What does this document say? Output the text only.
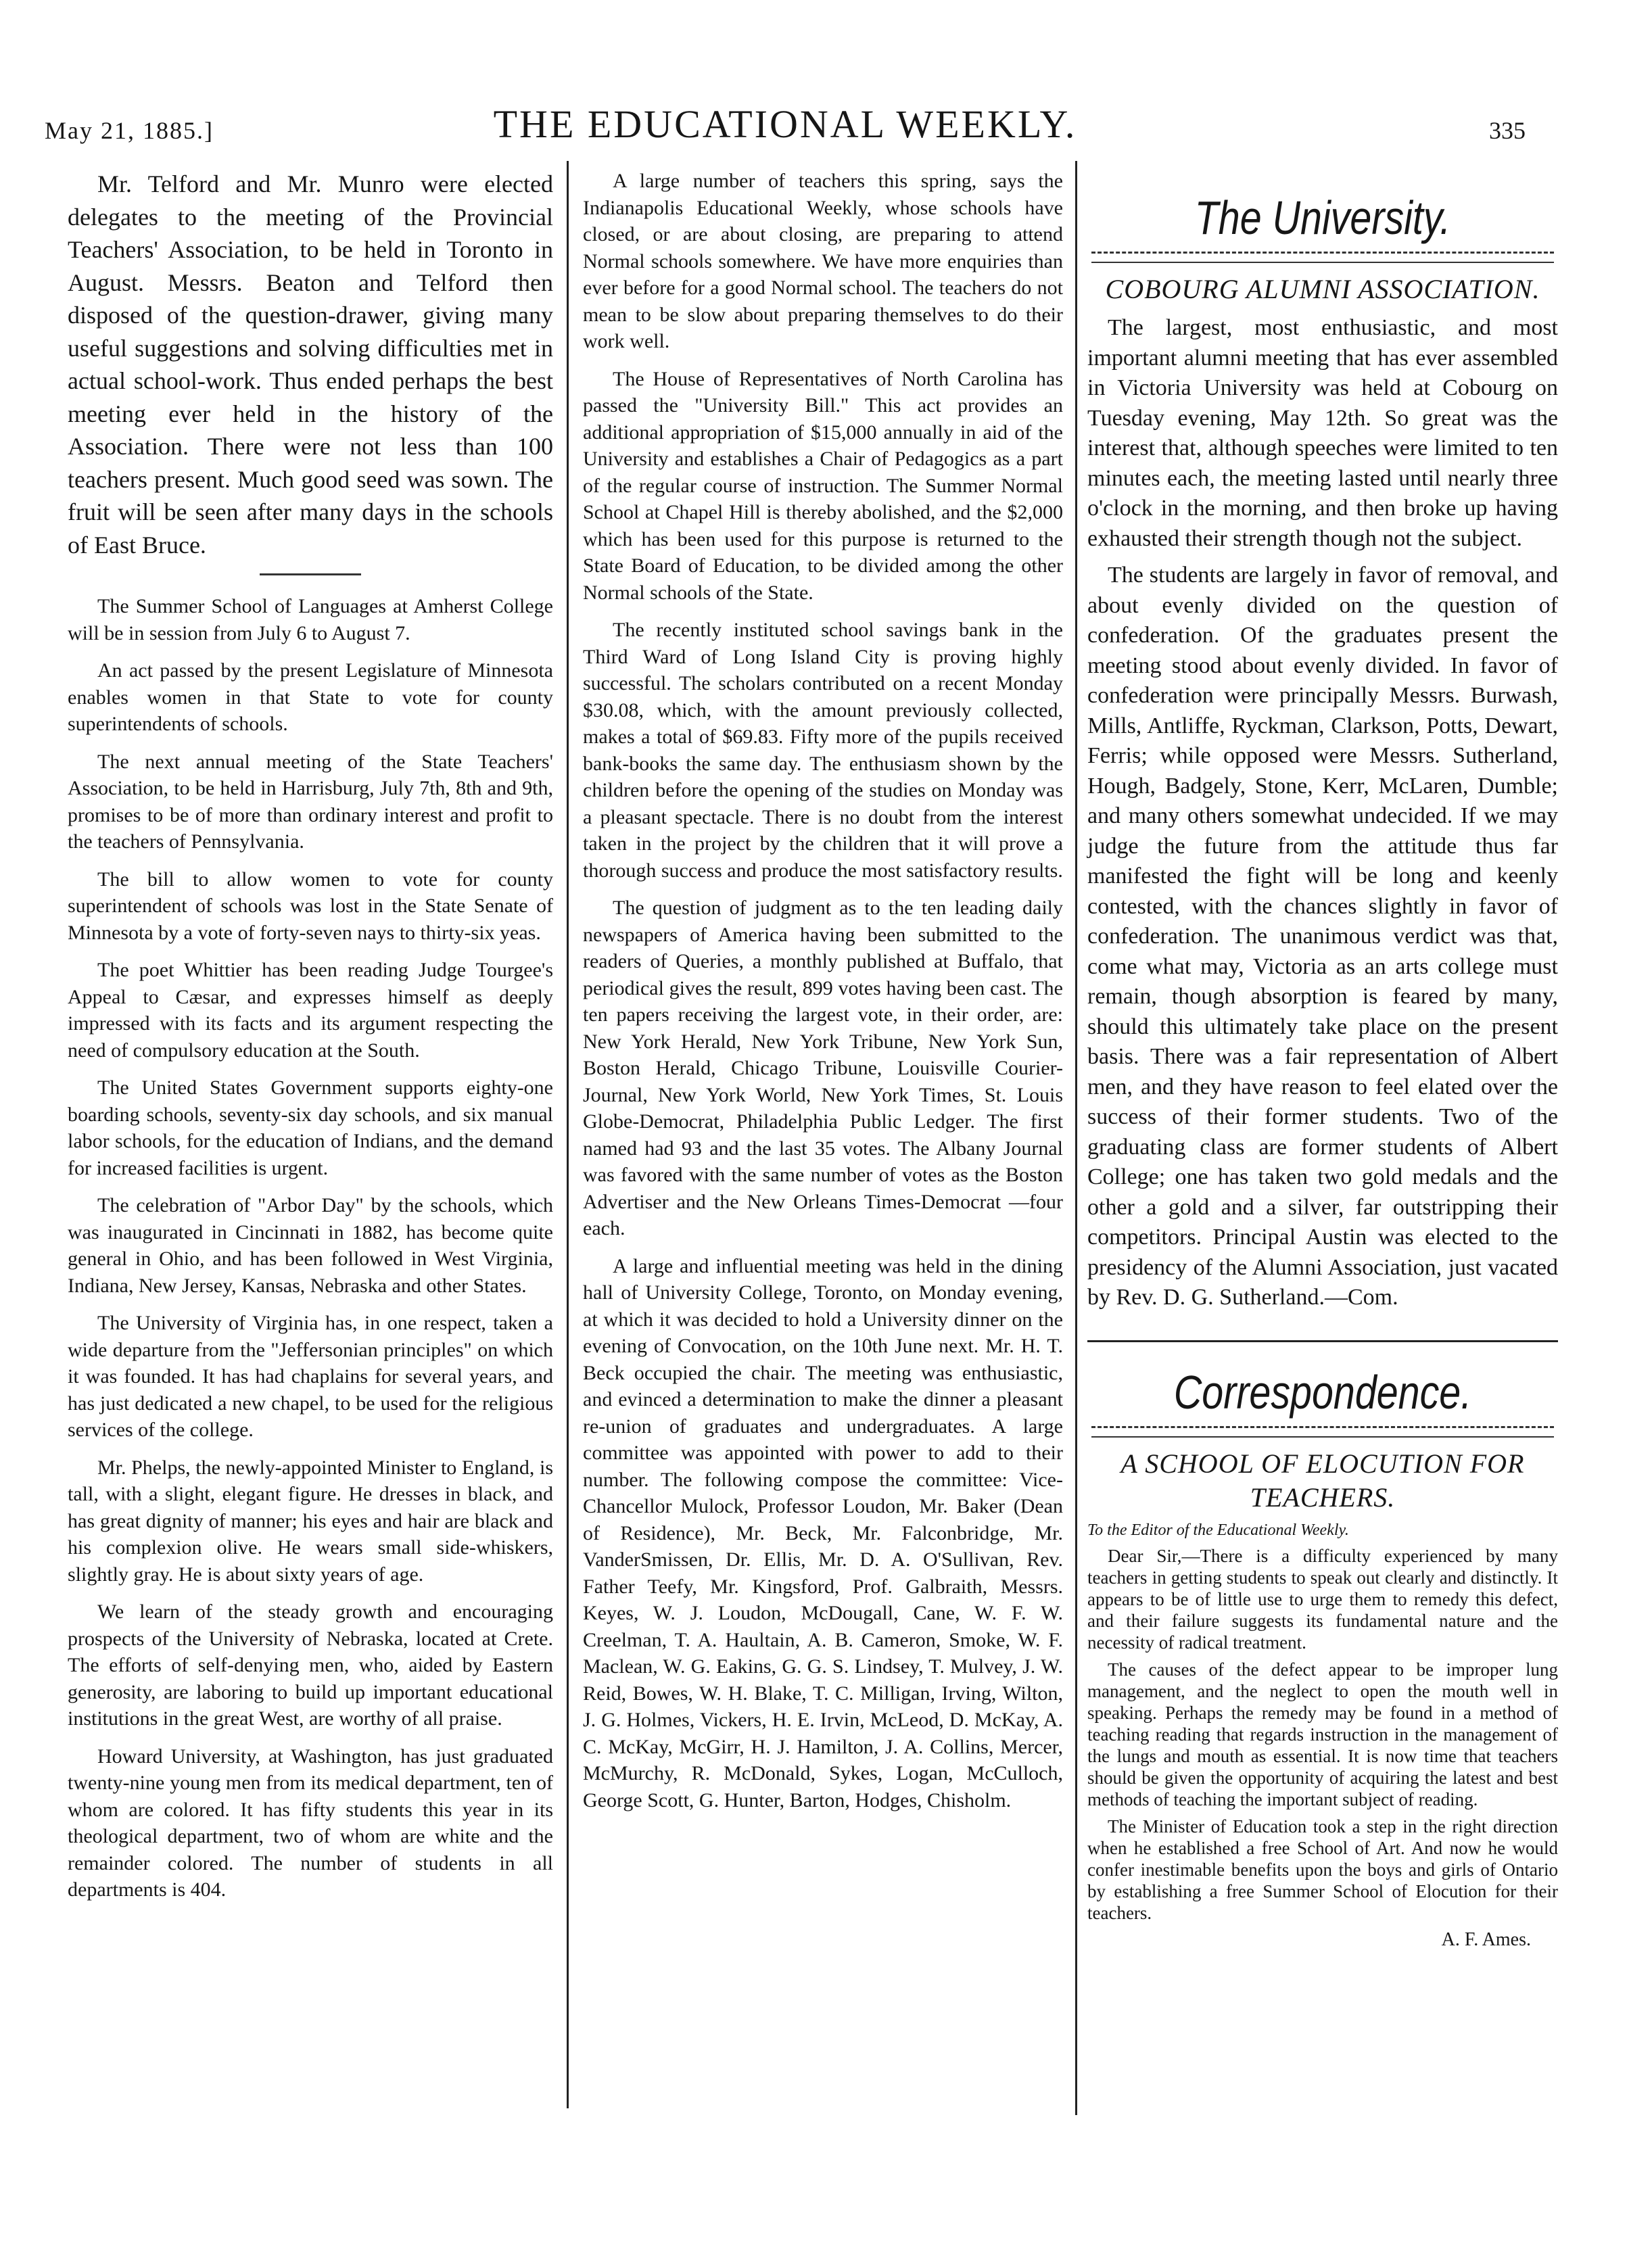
May 21, 1885.]	THE EDUCATIONAL WEEKLY.	335

Mr. Telford and Mr. Munro were elected delegates to the meeting of the Provincial Teachers' Association, to be held in Toronto in August. Messrs. Beaton and Telford then disposed of the question-drawer, giving many useful suggestions and solving difficulties met in actual school-work. Thus ended perhaps the best meeting ever held in the history of the Association. There were not less than 100 teachers present. Much good seed was sown. The fruit will be seen after many days in the schools of East Bruce.

The Summer School of Languages at Amherst College will be in session from July 6 to August 7.

An act passed by the present Legislature of Minnesota enables women in that State to vote for county superintendents of schools.

The next annual meeting of the State Teachers' Association, to be held in Harrisburg, July 7th, 8th and 9th, promises to be of more than ordinary interest and profit to the teachers of Pennsylvania.

The bill to allow women to vote for county superintendent of schools was lost in the State Senate of Minnesota by a vote of forty-seven nays to thirty-six yeas.

The poet Whittier has been reading Judge Tourgee's Appeal to Cæsar, and expresses himself as deeply impressed with its facts and its argument respecting the need of compulsory education at the South.

The United States Government supports eighty-one boarding schools, seventy-six day schools, and six manual labor schools, for the education of Indians, and the demand for increased facilities is urgent.

The celebration of "Arbor Day" by the schools, which was inaugurated in Cincinnati in 1882, has become quite general in Ohio, and has been followed in West Virginia, Indiana, New Jersey, Kansas, Nebraska and other States.

The University of Virginia has, in one respect, taken a wide departure from the "Jeffersonian principles" on which it was founded. It has had chaplains for several years, and has just dedicated a new chapel, to be used for the religious services of the college.

Mr. Phelps, the newly-appointed Minister to England, is tall, with a slight, elegant figure. He dresses in black, and has great dignity of manner; his eyes and hair are black and his complexion olive. He wears small side-whiskers, slightly gray. He is about sixty years of age.

We learn of the steady growth and encouraging prospects of the University of Nebraska, located at Crete. The efforts of self-denying men, who, aided by Eastern generosity, are laboring to build up important educational institutions in the great West, are worthy of all praise.

Howard University, at Washington, has just graduated twenty-nine young men from its medical department, ten of whom are colored. It has fifty students this year in its theological department, two of whom are white and the remainder colored. The number of students in all departments is 404.

A large number of teachers this spring, says the Indianapolis Educational Weekly, whose schools have closed, or are about closing, are preparing to attend Normal schools somewhere. We have more enquiries than ever before for a good Normal school. The teachers do not mean to be slow about preparing themselves to do their work well.

The House of Representatives of North Carolina has passed the "University Bill." This act provides an additional appropriation of $15,000 annually in aid of the University and establishes a Chair of Pedagogics as a part of the regular course of instruction. The Summer Normal School at Chapel Hill is thereby abolished, and the $2,000 which has been used for this purpose is returned to the State Board of Education, to be divided among the other Normal schools of the State.

The recently instituted school savings bank in the Third Ward of Long Island City is proving highly successful. The scholars contributed on a recent Monday $30.08, which, with the amount previously collected, makes a total of $69.83. Fifty more of the pupils received bank-books the same day. The enthusiasm shown by the children before the opening of the studies on Monday was a pleasant spectacle. There is no doubt from the interest taken in the project by the children that it will prove a thorough success and produce the most satisfactory results.

The question of judgment as to the ten leading daily newspapers of America having been submitted to the readers of Queries, a monthly published at Buffalo, that periodical gives the result, 899 votes having been cast. The ten papers receiving the largest vote, in their order, are: New York Herald, New York Tribune, New York Sun, Boston Herald, Chicago Tribune, Louisville Courier-Journal, New York World, New York Times, St. Louis Globe-Democrat, Philadelphia Public Ledger. The first named had 93 and the last 35 votes. The Albany Journal was favored with the same number of votes as the Boston Advertiser and the New Orleans Times-Democrat —four each.

A large and influential meeting was held in the dining hall of University College, Toronto, on Monday evening, at which it was decided to hold a University dinner on the evening of Convocation, on the 10th June next. Mr. H. T. Beck occupied the chair. The meeting was enthusiastic, and evinced a determination to make the dinner a pleasant re-union of graduates and undergraduates. A large committee was appointed with power to add to their number. The following compose the committee: Vice-Chancellor Mulock, Professor Loudon, Mr. Baker (Dean of Residence), Mr. Beck, Mr. Falconbridge, Mr. VanderSmissen, Dr. Ellis, Mr. D. A. O'Sullivan, Rev. Father Teefy, Mr. Kingsford, Prof. Galbraith, Messrs. Keyes, W. J. Loudon, McDougall, Cane, W. F. W. Creelman, T. A. Haultain, A. B. Cameron, Smoke, W. F. Maclean, W. G. Eakins, G. G. S. Lindsey, T. Mulvey, J. W. Reid, Bowes, W. H. Blake, T. C. Milligan, Irving, Wilton, J. G. Holmes, Vickers, H. E. Irvin, McLeod, D. McKay, A. C. McKay, McGirr, H. J. Hamilton, J. A. Collins, Mercer, McMurchy, R. McDonald, Sykes, Logan, McCulloch, George Scott, G. Hunter, Barton, Hodges, Chisholm.

The University.
COBOURG ALUMNI ASSOCIATION.

The largest, most enthusiastic, and most important alumni meeting that has ever assembled in Victoria University was held at Cobourg on Tuesday evening, May 12th. So great was the interest that, although speeches were limited to ten minutes each, the meeting lasted until nearly three o'clock in the morning, and then broke up having exhausted their strength though not the subject.

The students are largely in favor of removal, and about evenly divided on the question of confederation. Of the graduates present the meeting stood about evenly divided. In favor of confederation were principally Messrs. Burwash, Mills, Antliffe, Ryckman, Clarkson, Potts, Dewart, Ferris; while opposed were Messrs. Sutherland, Hough, Badgely, Stone, Kerr, McLaren, Dumble; and many others somewhat undecided. If we may judge the future from the attitude thus far manifested the fight will be long and keenly contested, with the chances slightly in favor of confederation. The unanimous verdict was that, come what may, Victoria as an arts college must remain, though absorption is feared by many, should this ultimately take place on the present basis. There was a fair representation of Albert men, and they have reason to feel elated over the success of their former students. Two of the graduating class are former students of Albert College; one has taken two gold medals and the other a gold and a silver, far outstripping their competitors. Principal Austin was elected to the presidency of the Alumni Association, just vacated by Rev. D. G. Sutherland.—Com.

Correspondence.
A SCHOOL OF ELOCUTION FOR TEACHERS.
To the Editor of the Educational Weekly.

Dear Sir,—There is a difficulty experienced by many teachers in getting students to speak out clearly and distinctly. It appears to be of little use to urge them to remedy this defect, and their failure suggests its fundamental nature and the necessity of radical treatment.

The causes of the defect appear to be improper lung management, and the neglect to open the mouth well in speaking. Perhaps the remedy may be found in a method of teaching reading that regards instruction in the management of the lungs and mouth as essential. It is now time that teachers should be given the opportunity of acquiring the latest and best methods of teaching the important subject of reading.

The Minister of Education took a step in the right direction when he established a free School of Art. And now he would confer inestimable benefits upon the boys and girls of Ontario by establishing a free Summer School of Elocution for their teachers.

A. F. Ames.
